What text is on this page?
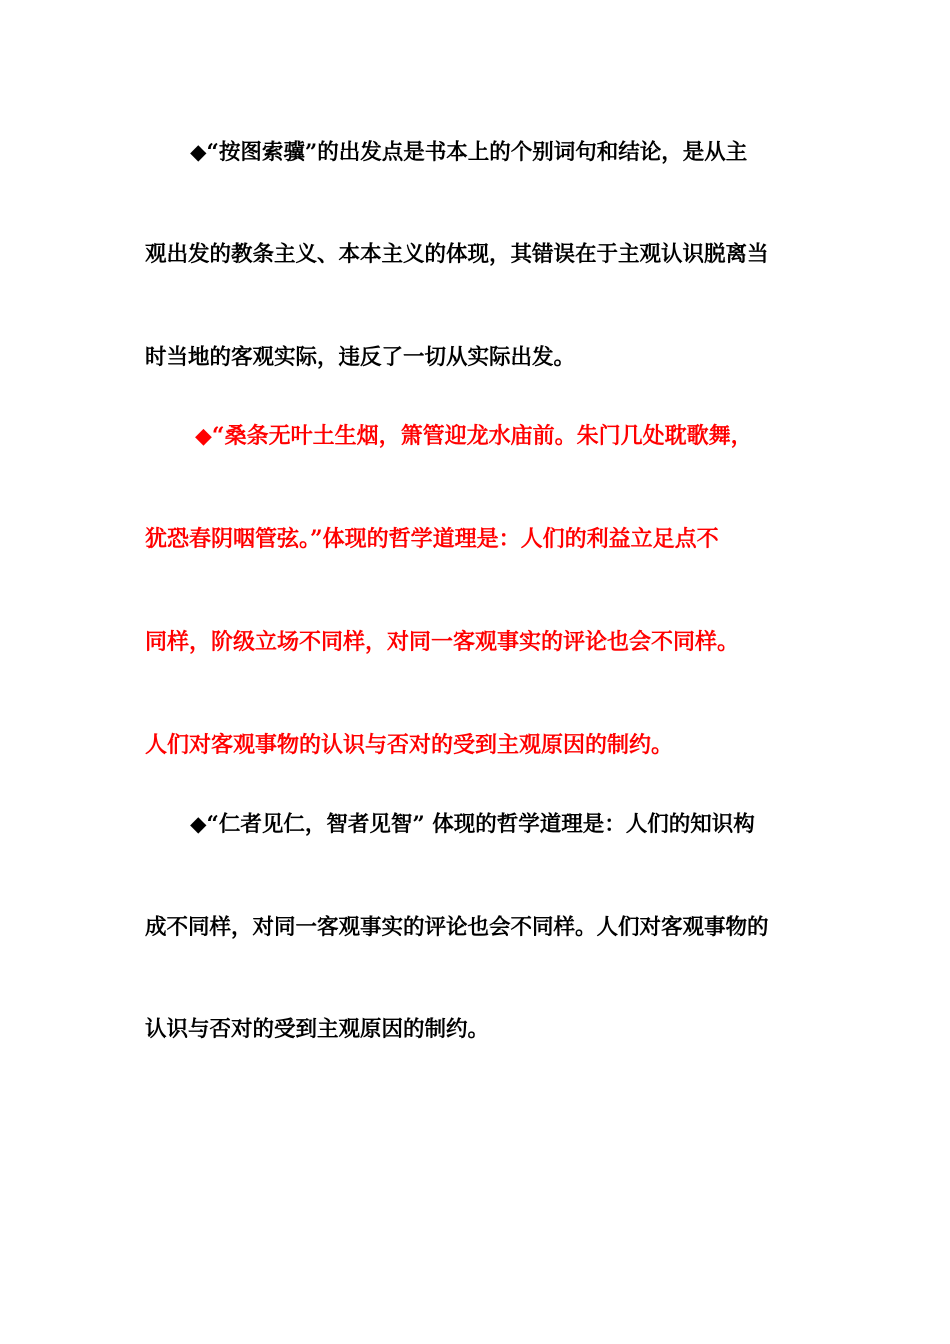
◆“按图索骥”的出发点是书本上的个别词句和结论，是从主
观出发的教条主义、本本主义的体现，其错误在于主观认识脱离当
时当地的客观实际，违反了一切从实际出发。
◆“桑条无叶土生烟，箫管迎龙水庙前。朱门几处耽歌舞，
犹恐春阴咽管弦。”体现的哲学道理是：人们的利益立足点不
同样，阶级立场不同样，对同一客观事实的评论也会不同样。
人们对客观事物的认识与否对的受到主观原因的制约。
◆“仁者见仁，智者见智” 体现的哲学道理是：人们的知识构
成不同样，对同一客观事实的评论也会不同样。人们对客观事物的
认识与否对的受到主观原因的制约。
